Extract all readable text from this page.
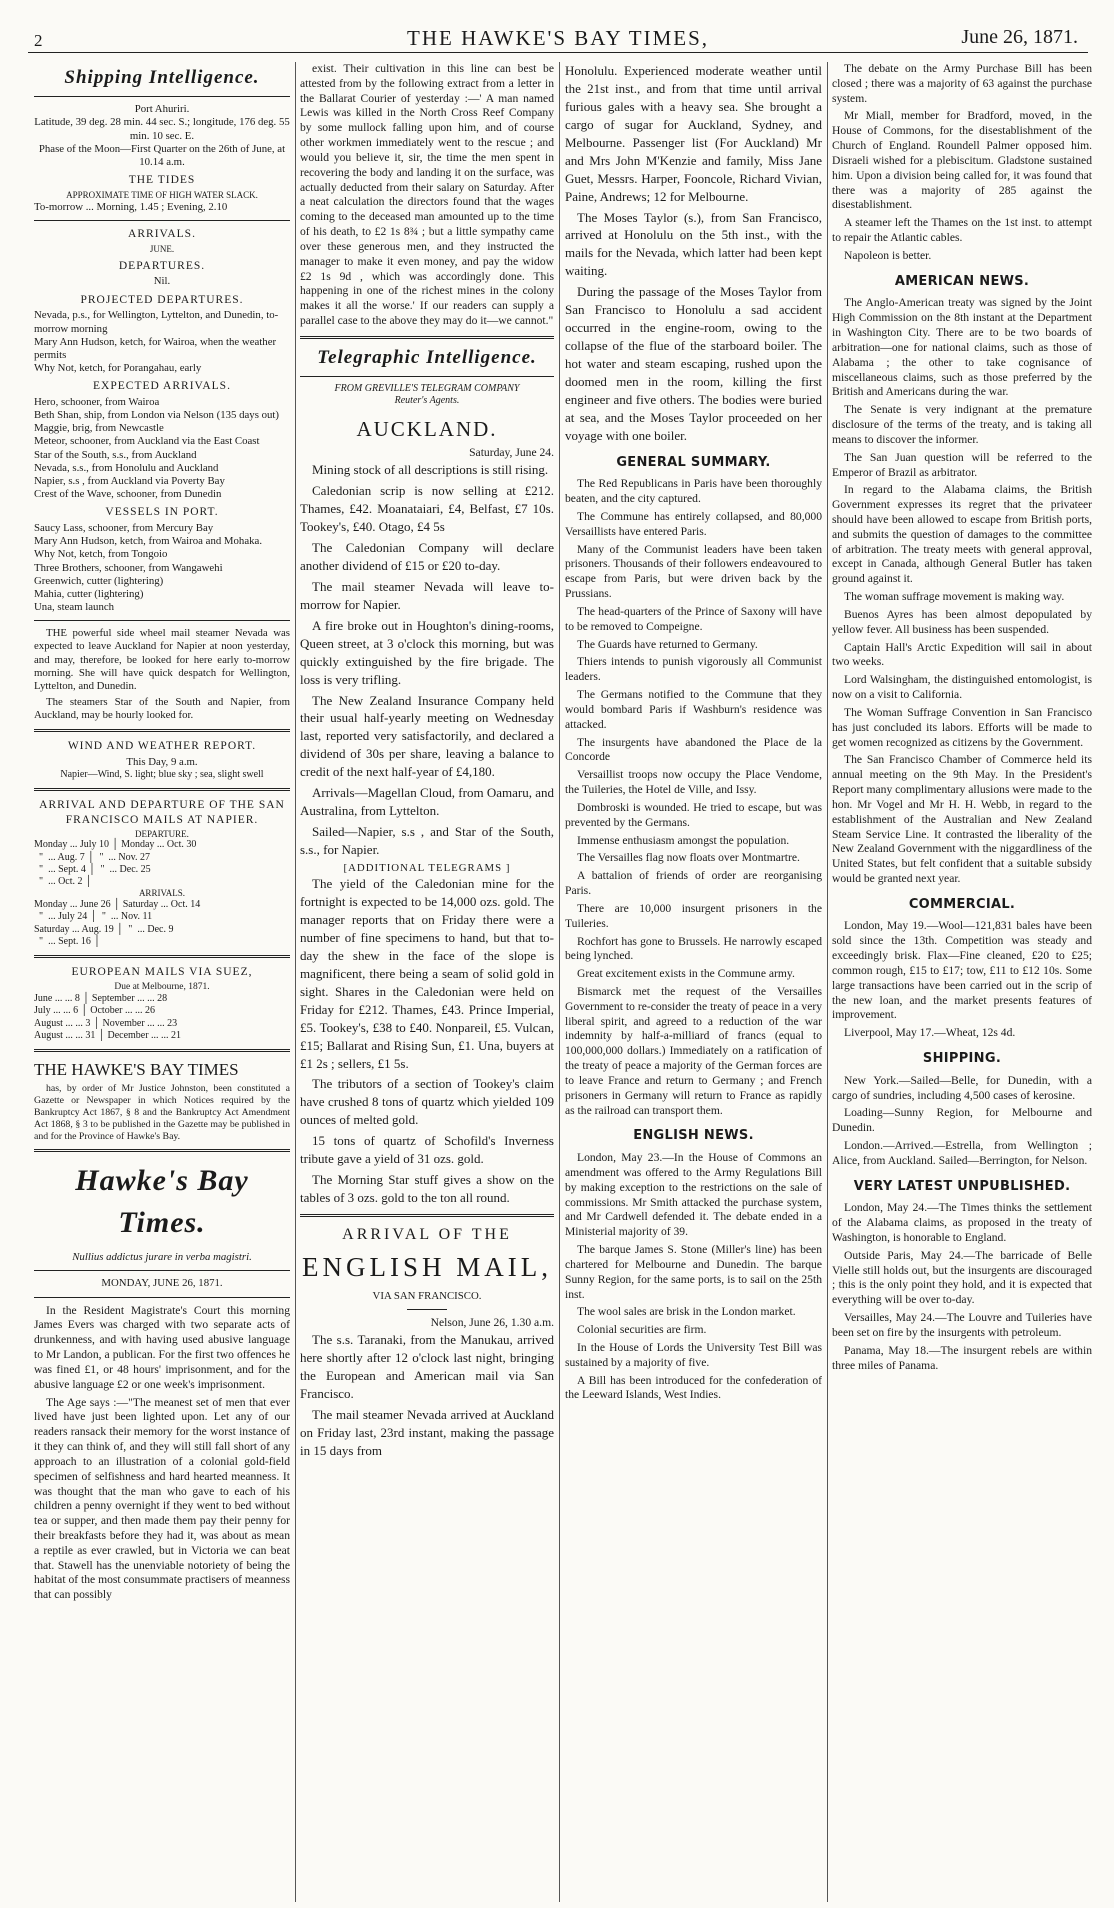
2	THE HAWKE'S BAY TIMES,	June 26, 1871.
Shipping Intelligence.
Port Ahuriri.
Latitude, 39 deg. 28 min. 44 sec. S.; longitude, 176 deg. 55 min. 10 sec. E.
Phase of the Moon—First Quarter on the 26th of June, at 10.14 a.m.
THE TIDES
APPROXIMATE TIME OF HIGH WATER SLACK.
To-morrow ... Morning, 1.45 ; Evening, 2.10
ARRIVALS.
JUNE.
DEPARTURES.
Nil.
PROJECTED DEPARTURES.
Nevada, p.s., for Wellington, Lyttelton, and Dunedin, to-morrow morning
Mary Ann Hudson, ketch, for Wairoa, when the weather permits
Why Not, ketch, for Porangahau, early
EXPECTED ARRIVALS.
Hero, schooner, from Wairoa
Beth Shan, ship, from London via Nelson (135 days out)
Maggie, brig, from Newcastle
Meteor, schooner, from Auckland via the East Coast
Star of the South, s.s., from Auckland
Nevada, s.s., from Honolulu and Auckland
Napier, s.s , from Auckland via Poverty Bay
Crest of the Wave, schooner, from Dunedin
VESSELS IN PORT.
Saucy Lass, schooner, from Mercury Bay
Mary Ann Hudson, ketch, from Wairoa and Mohaka.
Why Not, ketch, from Tongoio
Three Brothers, schooner, from Wangawehi
Greenwich, cutter (lightering)
Mahia, cutter (lightering)
Una, steam launch

THE powerful side wheel mail steamer Nevada was expected to leave Auckland for Napier at noon yesterday, and may, therefore, be looked for here early to-morrow morning. She will have quick despatch for Wellington, Lyttelton, and Dunedin.

The steamers Star of the South and Napier, from Auckland, may be hourly looked for.

WIND AND WEATHER REPORT.
This Day, 9 a.m.
Napier—Wind, S. light; blue sky ; sea, slight swell
ARRIVAL AND DEPARTURE OF THE SAN FRANCISCO MAILS AT NAPIER.
DEPARTURE.
Monday ... July 10 │ Monday ... Oct. 30
"  ... Aug. 7 │  "  ... Nov. 27
"  ... Sept. 4 │  "  ... Dec. 25
"  ... Oct. 2 │
ARRIVALS.
Monday ... June 26 │ Saturday ... Oct. 14
"  ... July 24 │  "  ... Nov. 11
Saturday ... Aug. 19 │  "  ... Dec. 9
"  ... Sept. 16 │
EUROPEAN MAILS VIA SUEZ,
Due at Melbourne, 1871.
June ... ... 8 │ September ... ... 28
July ... ... 6 │ October ... ... 26
August ... ... 3 │ November ... ... 23
August ... ... 31 │ December ... ... 21
THE HAWKE'S BAY TIMES

has, by order of Mr Justice Johnston, been constituted a Gazette or Newspaper in which Notices required by the Bankruptcy Act 1867, § 8 and the Bankruptcy Act Amendment Act 1868, § 3 to be published in the Gazette may be published in and for the Province of Hawke's Bay.

Hawke's Bay Times.
Nullius addictus jurare in verba magistri.
MONDAY, JUNE 26, 1871.

In the Resident Magistrate's Court this morning James Evers was charged with two separate acts of drunkenness, and with having used abusive language to Mr Landon, a publican. For the first two offences he was fined £1, or 48 hours' imprisonment, and for the abusive language £2 or one week's imprisonment.

The Age says :—"The meanest set of men that ever lived have just been lighted upon. Let any of our readers ransack their memory for the worst instance of it they can think of, and they will still fall short of any approach to an illustration of a colonial gold-field specimen of selfishness and hard hearted meanness. It was thought that the man who gave to each of his children a penny overnight if they went to bed without tea or supper, and then made them pay their penny for their breakfasts before they had it, was about as mean a reptile as ever crawled, but in Victoria we can beat that. Stawell has the unenviable notoriety of being the habitat of the most consummate practisers of meanness that can possibly

exist. Their cultivation in this line can best be attested from by the following extract from a letter in the Ballarat Courier of yesterday :—' A man named Lewis was killed in the North Cross Reef Company by some mullock falling upon him, and of course other workmen immediately went to the rescue ; and would you believe it, sir, the time the men spent in recovering the body and landing it on the surface, was actually deducted from their salary on Saturday. After a neat calculation the directors found that the wages coming to the deceased man amounted up to the time of his death, to £2 1s 8¾ ; but a little sympathy came over these generous men, and they instructed the manager to make it even money, and pay the widow £2 1s 9d , which was accordingly done. This happening in one of the richest mines in the colony makes it all the worse.' If our readers can supply a parallel case to the above they may do it—we cannot."

Telegraphic Intelligence.
FROM GREVILLE'S TELEGRAM COMPANY
Reuter's Agents.
AUCKLAND.
Saturday, June 24.

Mining stock of all descriptions is still rising.

Caledonian scrip is now selling at £212. Thames, £42. Moanataiari, £4, Belfast, £7 10s. Tookey's, £40. Otago, £4 5s

The Caledonian Company will declare another dividend of £15 or £20 to-day.

The mail steamer Nevada will leave to-morrow for Napier.

A fire broke out in Houghton's dining-rooms, Queen street, at 3 o'clock this morning, but was quickly extinguished by the fire brigade. The loss is very trifling.

The New Zealand Insurance Company held their usual half-yearly meeting on Wednesday last, reported very satisfactorily, and declared a dividend of 30s per share, leaving a balance to credit of the next half-year of £4,180.

Arrivals—Magellan Cloud, from Oamaru, and Australina, from Lyttelton.

Sailed—Napier, s.s , and Star of the South, s.s., for Napier.

[ADDITIONAL TELEGRAMS ]

The yield of the Caledonian mine for the fortnight is expected to be 14,000 ozs. gold. The manager reports that on Friday there were a number of fine specimens to hand, but that to-day the shew in the face of the slope is magnificent, there being a seam of solid gold in sight. Shares in the Caledonian were held on Friday for £212. Thames, £43. Prince Imperial, £5. Tookey's, £38 to £40. Nonpareil, £5. Vulcan, £15; Ballarat and Rising Sun, £1. Una, buyers at £1 2s ; sellers, £1 5s.

The tributors of a section of Tookey's claim have crushed 8 tons of quartz which yielded 109 ounces of melted gold.

15 tons of quartz of Schofild's Inverness tribute gave a yield of 31 ozs. gold.

The Morning Star stuff gives a show on the tables of 3 ozs. gold to the ton all round.

ARRIVAL OF THE
ENGLISH MAIL,
VIA SAN FRANCISCO.
Nelson, June 26, 1.30 a.m.

The s.s. Taranaki, from the Manukau, arrived here shortly after 12 o'clock last night, bringing the European and American mail via San Francisco.

The mail steamer Nevada arrived at Auckland on Friday last, 23rd instant, making the passage in 15 days from

Honolulu. Experienced moderate weather until the 21st inst., and from that time until arrival furious gales with a heavy sea. She brought a cargo of sugar for Auckland, Sydney, and Melbourne. Passenger list (For Auckland) Mr and Mrs John M'Kenzie and family, Miss Jane Guet, Messrs. Harper, Fooncole, Richard Vivian, Paine, Andrews; 12 for Melbourne.

The Moses Taylor (s.), from San Francisco, arrived at Honolulu on the 5th inst., with the mails for the Nevada, which latter had been kept waiting.

During the passage of the Moses Taylor from San Francisco to Honolulu a sad accident occurred in the engine-room, owing to the collapse of the flue of the starboard boiler. The hot water and steam escaping, rushed upon the doomed men in the room, killing the first engineer and five others. The bodies were buried at sea, and the Moses Taylor proceeded on her voyage with one boiler.

GENERAL SUMMARY.

The Red Republicans in Paris have been thoroughly beaten, and the city captured.

The Commune has entirely collapsed, and 80,000 Versaillists have entered Paris.

Many of the Communist leaders have been taken prisoners. Thousands of their followers endeavoured to escape from Paris, but were driven back by the Prussians.

The head-quarters of the Prince of Saxony will have to be removed to Compeigne.

The Guards have returned to Germany.

Thiers intends to punish vigorously all Communist leaders.

The Germans notified to the Commune that they would bombard Paris if Washburn's residence was attacked.

The insurgents have abandoned the Place de la Concorde

Versaillist troops now occupy the Place Vendome, the Tuileries, the Hotel de Ville, and Issy.

Dombroski is wounded. He tried to escape, but was prevented by the Germans.

Immense enthusiasm amongst the population.

The Versailles flag now floats over Montmartre.

A battalion of friends of order are reorganising Paris.

There are 10,000 insurgent prisoners in the Tuileries.

Rochfort has gone to Brussels. He narrowly escaped being lynched.

Great excitement exists in the Commune army.

Bismarck met the request of the Versailles Government to re-consider the treaty of peace in a very liberal spirit, and agreed to a reduction of the war indemnity by half-a-milliard of francs (equal to 100,000,000 dollars.) Immediately on a ratification of the treaty of peace a majority of the German forces are to leave France and return to Germany ; and French prisoners in Germany will return to France as rapidly as the railroad can transport them.

ENGLISH NEWS.

London, May 23.—In the House of Commons an amendment was offered to the Army Regulations Bill by making exception to the restrictions on the sale of commissions. Mr Smith attacked the purchase system, and Mr Cardwell defended it. The debate ended in a Ministerial majority of 39.

The barque James S. Stone (Miller's line) has been chartered for Melbourne and Dunedin. The barque Sunny Region, for the same ports, is to sail on the 25th inst.

The wool sales are brisk in the London market.

Colonial securities are firm.

In the House of Lords the University Test Bill was sustained by a majority of five.

A Bill has been introduced for the confederation of the Leeward Islands, West Indies.

The debate on the Army Purchase Bill has been closed ; there was a majority of 63 against the purchase system.

Mr Miall, member for Bradford, moved, in the House of Commons, for the disestablishment of the Church of England. Roundell Palmer opposed him. Disraeli wished for a plebiscitum. Gladstone sustained him. Upon a division being called for, it was found that there was a majority of 285 against the disestablishment.

A steamer left the Thames on the 1st inst. to attempt to repair the Atlantic cables.

Napoleon is better.

AMERICAN NEWS.

The Anglo-American treaty was signed by the Joint High Commission on the 8th instant at the Department in Washington City. There are to be two boards of arbitration—one for national claims, such as those of Alabama ; the other to take cognisance of miscellaneous claims, such as those preferred by the British and Americans during the war.

The Senate is very indignant at the premature disclosure of the terms of the treaty, and is taking all means to discover the informer.

The San Juan question will be referred to the Emperor of Brazil as arbitrator.

In regard to the Alabama claims, the British Government expresses its regret that the privateer should have been allowed to escape from British ports, and submits the question of damages to the committee of arbitration. The treaty meets with general approval, except in Canada, although General Butler has taken ground against it.

The woman suffrage movement is making way.

Buenos Ayres has been almost depopulated by yellow fever. All business has been suspended.

Captain Hall's Arctic Expedition will sail in about two weeks.

Lord Walsingham, the distinguished entomologist, is now on a visit to California.

The Woman Suffrage Convention in San Francisco has just concluded its labors. Efforts will be made to get women recognized as citizens by the Government.

The San Francisco Chamber of Commerce held its annual meeting on the 9th May. In the President's Report many complimentary allusions were made to the hon. Mr Vogel and Mr H. H. Webb, in regard to the establishment of the Australian and New Zealand Steam Service Line. It contrasted the liberality of the New Zealand Government with the niggardliness of the United States, but felt confident that a suitable subsidy would be granted next year.

COMMERCIAL.

London, May 19.—Wool—121,831 bales have been sold since the 13th. Competition was steady and exceedingly brisk. Flax—Fine cleaned, £20 to £25; common rough, £15 to £17; tow, £11 to £12 10s. Some large transactions have been carried out in the scrip of the new loan, and the market presents features of improvement.

Liverpool, May 17.—Wheat, 12s 4d.

SHIPPING.

New York.—Sailed—Belle, for Dunedin, with a cargo of sundries, including 4,500 cases of kerosine.

Loading—Sunny Region, for Melbourne and Dunedin.

London.—Arrived.—Estrella, from Wellington ; Alice, from Auckland. Sailed—Berrington, for Nelson.

VERY LATEST UNPUBLISHED.

London, May 24.—The Times thinks the settlement of the Alabama claims, as proposed in the treaty of Washington, is honorable to England.

Outside Paris, May 24.—The barricade of Belle Vielle still holds out, but the insurgents are discouraged ; this is the only point they hold, and it is expected that everything will be over to-day.

Versailles, May 24.—The Louvre and Tuileries have been set on fire by the insurgents with petroleum.

Panama, May 18.—The insurgent rebels are within three miles of Panama.
